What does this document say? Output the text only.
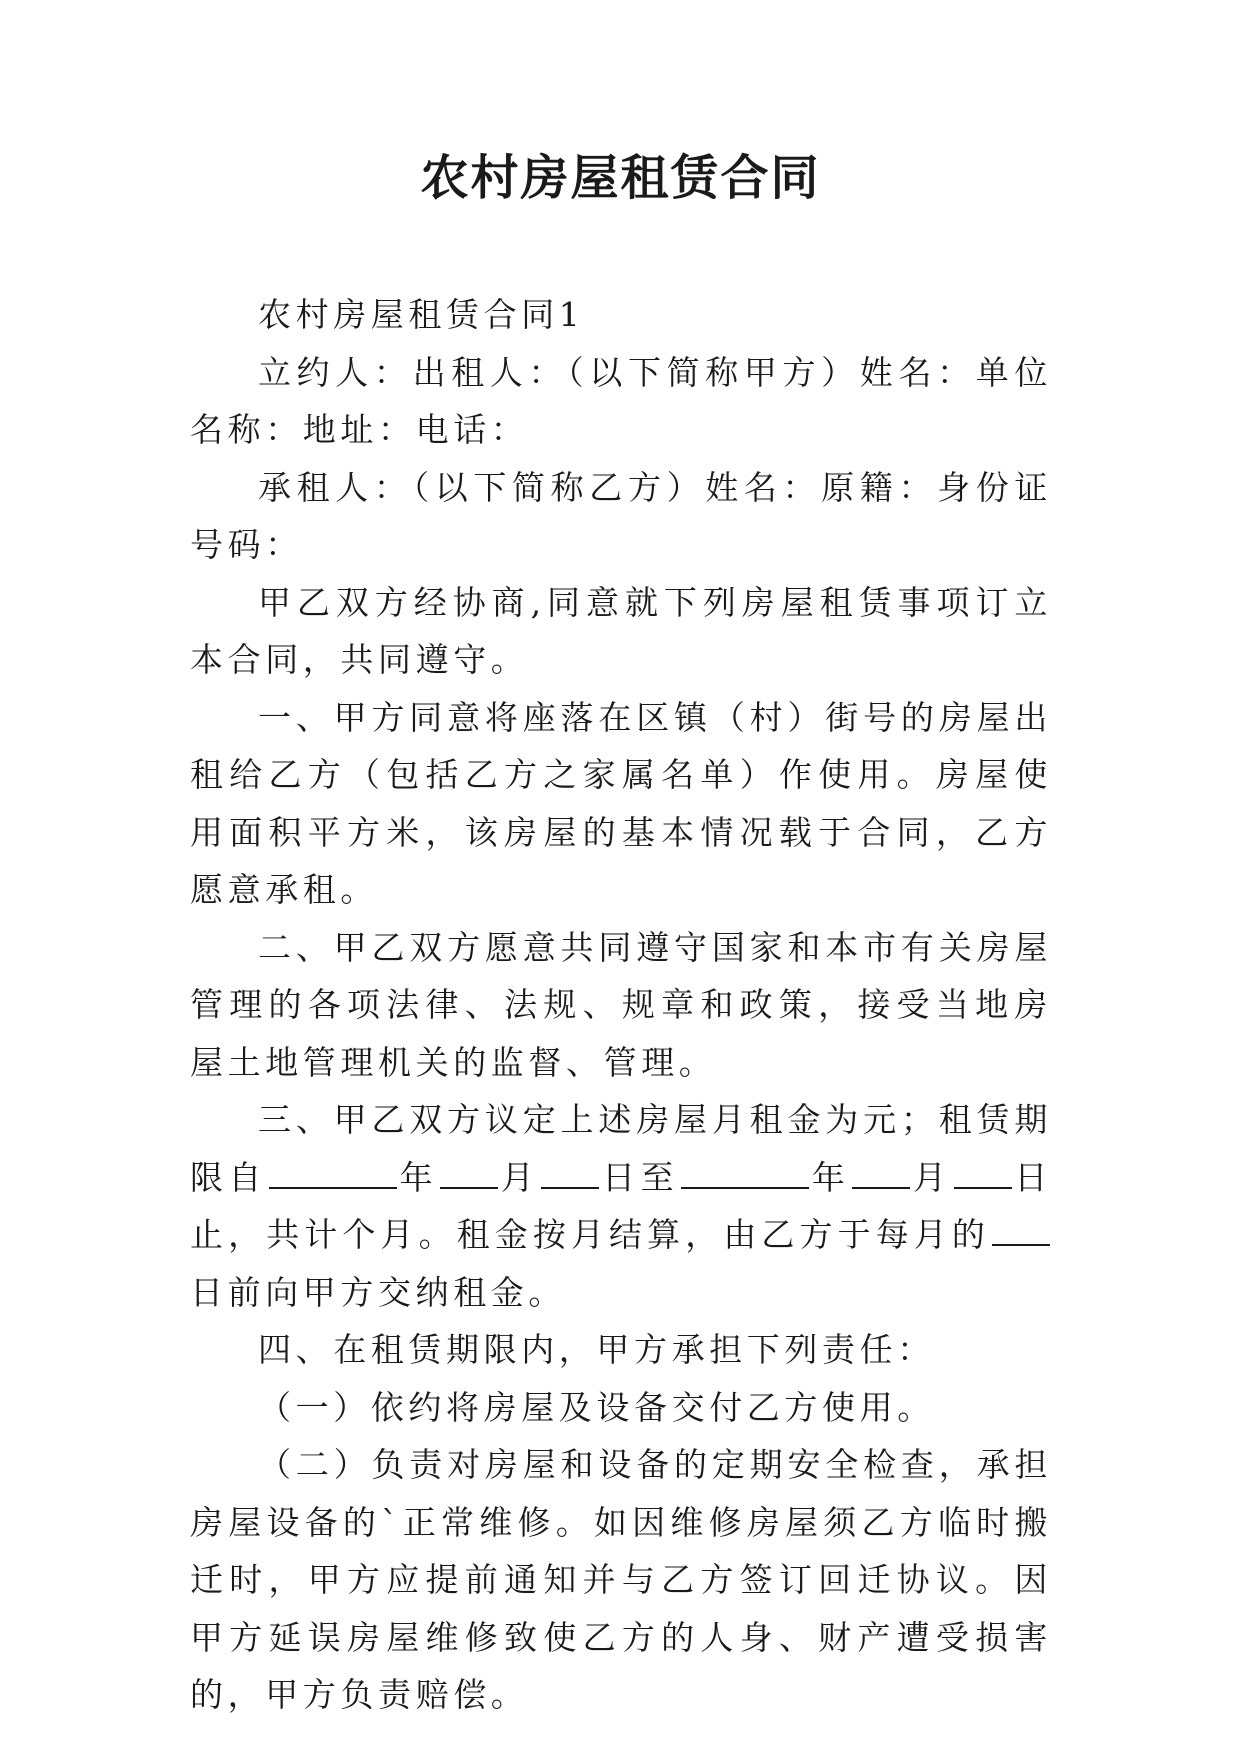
农村房屋租赁合同

农村房屋租赁合同1

立约人：出租人：（以下简称甲方）姓名：单位名称：地址：电话：

承租人：（以下简称乙方）姓名：原籍：身份证号码：

甲乙双方经协商,同意就下列房屋租赁事项订立本合同，共同遵守。

一、甲方同意将座落在区镇（村）街号的房屋出租给乙方（包括乙方之家属名单）作使用。房屋使用面积平方米，该房屋的基本情况载于合同，乙方愿意承租。

二、甲乙双方愿意共同遵守国家和本市有关房屋管理的各项法律、法规、规章和政策，接受当地房屋土地管理机关的监督、管理。

三、甲乙双方议定上述房屋月租金为元；租赁期限自	年 月 日至	年 月 日止，共计个月。租金按月结算，由乙方于每月的日前向甲方交纳租金。

四、在租赁期限内，甲方承担下列责任：

（一）依约将房屋及设备交付乙方使用。

（二）负责对房屋和设备的定期安全检查，承担房屋设备的`正常维修。如因维修房屋须乙方临时搬迁时，甲方应提前通知并与乙方签订回迁协议。因甲方延误房屋维修致使乙方的人身、财产遭受损害的，甲方负责赔偿。
